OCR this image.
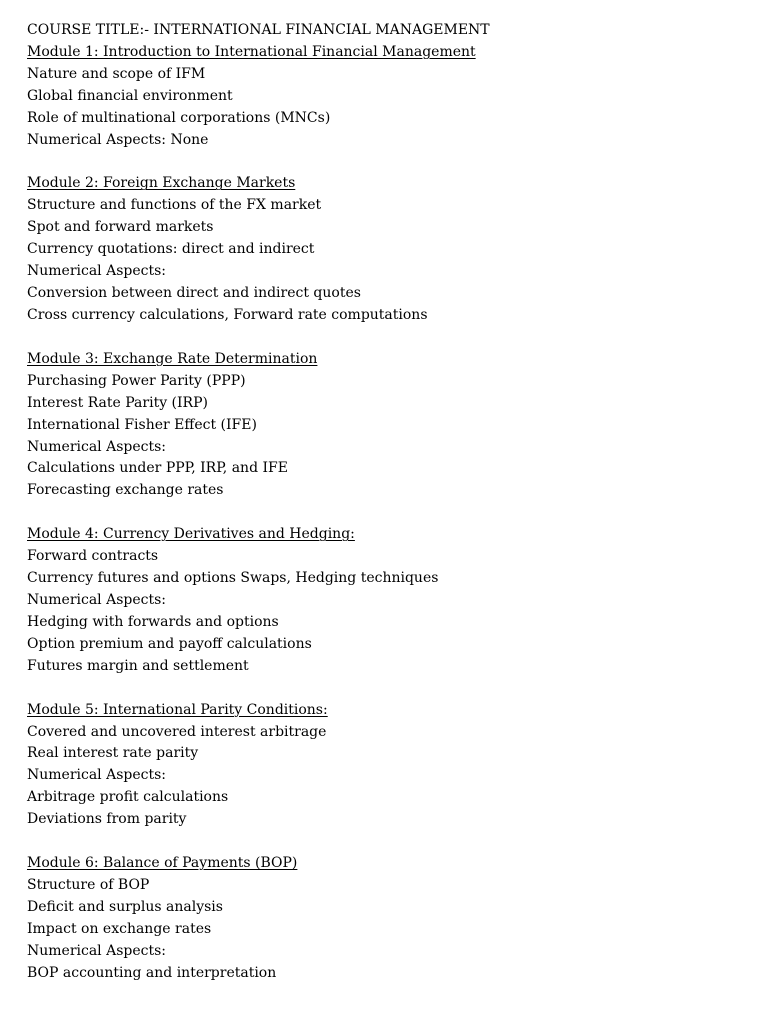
COURSE TITLE:- INTERNATIONAL FINANCIAL MANAGEMENT
Module 1: Introduction to International Financial Management
Nature and scope of IFM
Global financial environment
Role of multinational corporations (MNCs)
Numerical Aspects: None
Module 2: Foreign Exchange Markets
Structure and functions of the FX market
Spot and forward markets
Currency quotations: direct and indirect
Numerical Aspects:
Conversion between direct and indirect quotes
Cross currency calculations, Forward rate computations
Module 3: Exchange Rate Determination
Purchasing Power Parity (PPP)
Interest Rate Parity (IRP)
International Fisher Effect (IFE)
Numerical Aspects:
Calculations under PPP, IRP, and IFE
Forecasting exchange rates
Module 4: Currency Derivatives and Hedging:
Forward contracts
Currency futures and options Swaps, Hedging techniques
Numerical Aspects:
Hedging with forwards and options
Option premium and payoff calculations
Futures margin and settlement
Module 5: International Parity Conditions:
Covered and uncovered interest arbitrage
Real interest rate parity
Numerical Aspects:
Arbitrage profit calculations
Deviations from parity
Module 6: Balance of Payments (BOP)
Structure of BOP
Deficit and surplus analysis
Impact on exchange rates
Numerical Aspects:
BOP accounting and interpretation
